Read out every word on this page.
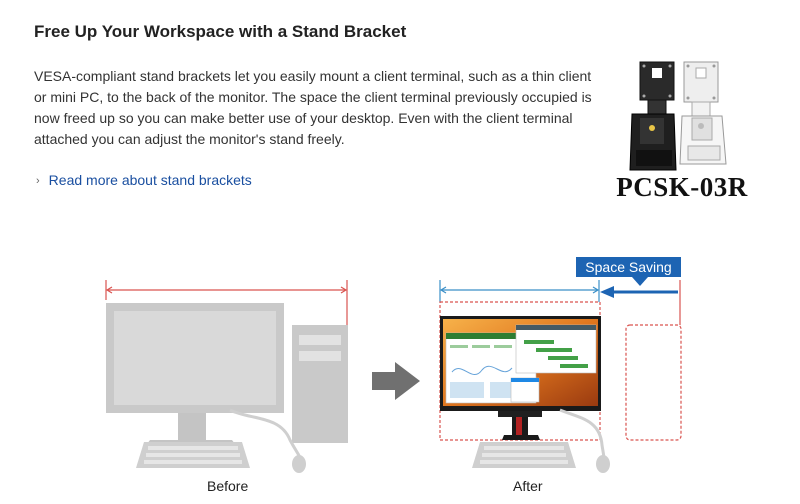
Free Up Your Workspace with a Stand Bracket

VESA-compliant stand brackets let you easily mount a client terminal, such as a thin client or mini PC, to the back of the monitor. The space the client terminal previously occupied is now freed up so you can make better use of your desktop. Even with the client terminal attached you can adjust the monitor's stand freely.

› Read more about stand brackets	PCSK-03R
Space Saving
Before	After
